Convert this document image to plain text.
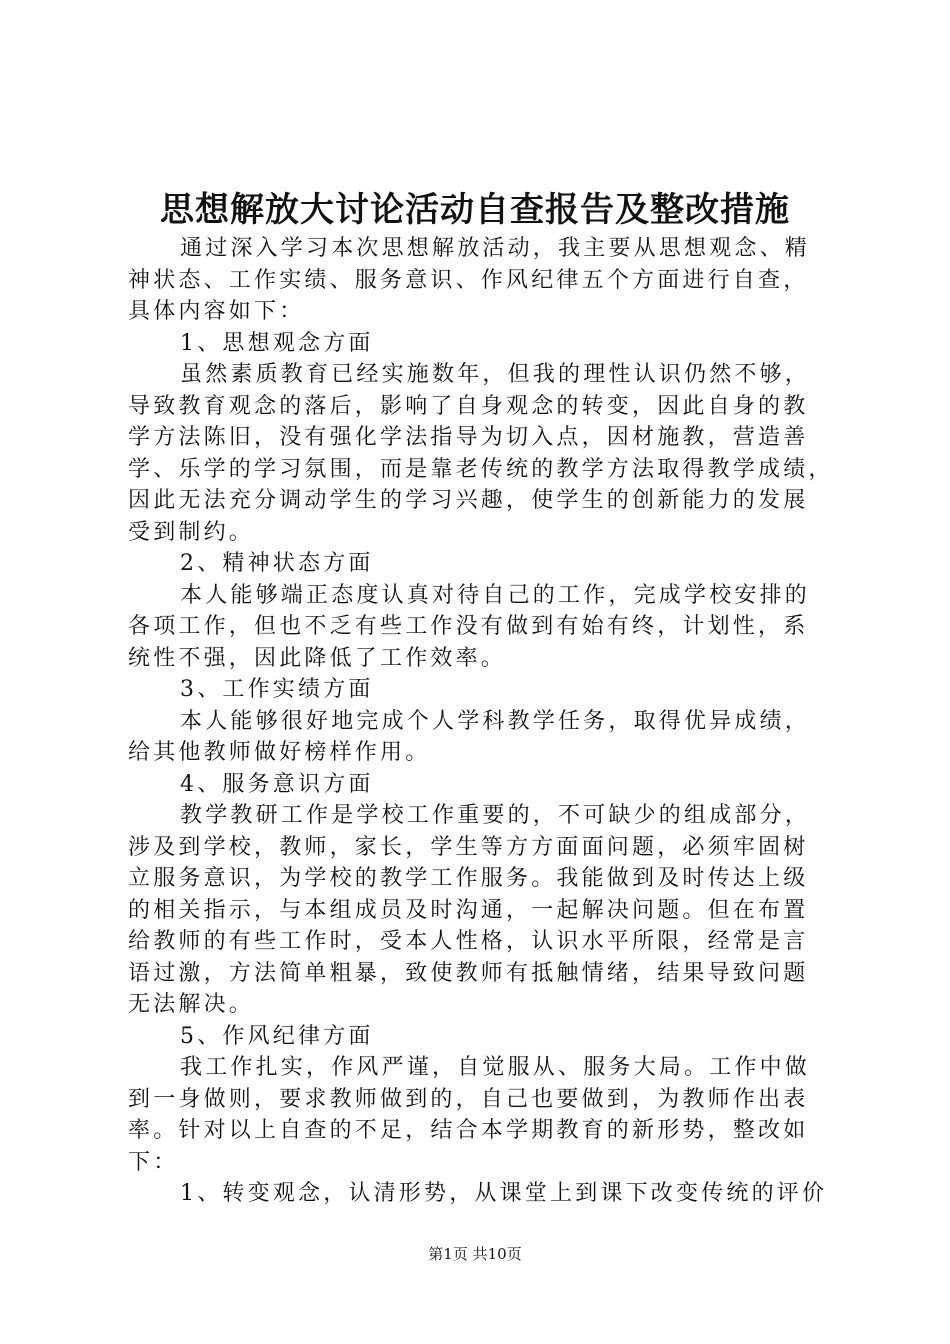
思想解放大讨论活动自查报告及整改措施
通过深入学习本次思想解放活动，我主要从思想观念、精
神状态、工作实绩、服务意识、作风纪律五个方面进行自查，
具体内容如下：
1、思想观念方面
虽然素质教育已经实施数年，但我的理性认识仍然不够，
导致教育观念的落后，影响了自身观念的转变，因此自身的教
学方法陈旧，没有强化学法指导为切入点，因材施教，营造善
学、乐学的学习氛围，而是靠老传统的教学方法取得教学成绩，
因此无法充分调动学生的学习兴趣，使学生的创新能力的发展
受到制约。
2、精神状态方面
本人能够端正态度认真对待自己的工作，完成学校安排的
各项工作，但也不乏有些工作没有做到有始有终，计划性，系
统性不强，因此降低了工作效率。
3、工作实绩方面
本人能够很好地完成个人学科教学任务，取得优异成绩，
给其他教师做好榜样作用。
4、服务意识方面
教学教研工作是学校工作重要的，不可缺少的组成部分，
涉及到学校，教师，家长，学生等方方面面问题，必须牢固树
立服务意识，为学校的教学工作服务。我能做到及时传达上级
的相关指示，与本组成员及时沟通，一起解决问题。但在布置
给教师的有些工作时，受本人性格，认识水平所限，经常是言
语过激，方法简单粗暴，致使教师有抵触情绪，结果导致问题
无法解决。
5、作风纪律方面
我工作扎实，作风严谨，自觉服从、服务大局。工作中做
到一身做则，要求教师做到的，自己也要做到，为教师作出表
率。针对以上自查的不足，结合本学期教育的新形势，整改如
下：
1、转变观念，认清形势，从课堂上到课下改变传统的评价
第1页 共10页
